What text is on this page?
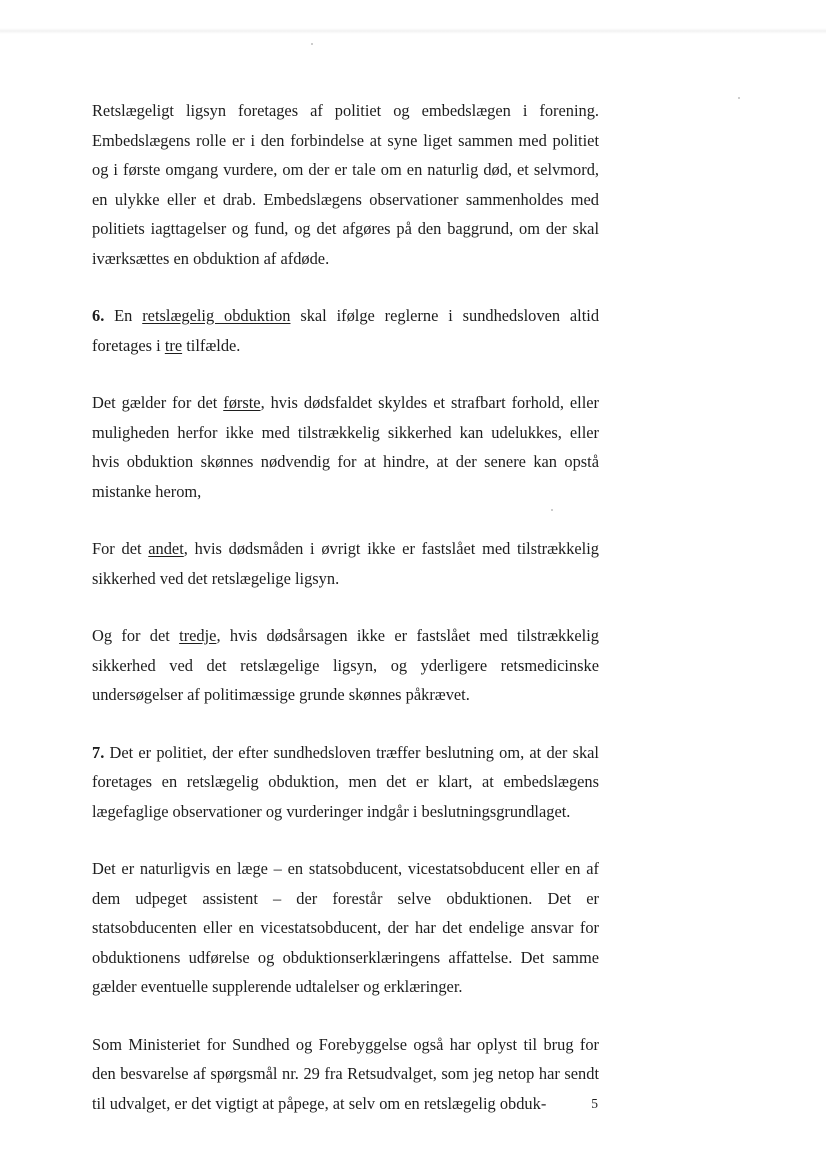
Retslægeligt ligsyn foretages af politiet og embedslægen i forening. Embedslægens rolle er i den forbindelse at syne liget sammen med politiet og i første omgang vurdere, om der er tale om en naturlig død, et selvmord, en ulykke eller et drab. Embedslægens observationer sammenholdes med politiets iagttagelser og fund, og det afgøres på den baggrund, om der skal iværksættes en obduktion af afdøde.

6. En retslægelig obduktion skal ifølge reglerne i sundhedsloven altid foretages i tre tilfælde.

Det gælder for det første, hvis dødsfaldet skyldes et strafbart forhold, eller muligheden herfor ikke med tilstrækkelig sikkerhed kan udelukkes, eller hvis obduktion skønnes nødvendig for at hindre, at der senere kan opstå mistanke herom,

For det andet, hvis dødsmåden i øvrigt ikke er fastslået med tilstrækkelig sikkerhed ved det retslægelige ligsyn.

Og for det tredje, hvis dødsårsagen ikke er fastslået med tilstrækkelig sikkerhed ved det retslægelige ligsyn, og yderligere retsmedicinske undersøgelser af politimæssige grunde skønnes påkrævet.

7. Det er politiet, der efter sundhedsloven træffer beslutning om, at der skal foretages en retslægelig obduktion, men det er klart, at embedslægens lægefaglige observationer og vurderinger indgår i beslutningsgrundlaget.

Det er naturligvis en læge – en statsobducent, vicestatsobducent eller en af dem udpeget assistent – der forestår selve obduktionen. Det er statsobducenten eller en vicestatsobducent, der har det endelige ansvar for obduktionens udførelse og obduktionserklæringens affattelse. Det samme gælder eventuelle supplerende udtalelser og erklæringer.

Som Ministeriet for Sundhed og Forebyggelse også har oplyst til brug for den besvarelse af spørgsmål nr. 29 fra Retsudvalget, som jeg netop har sendt til udvalget, er det vigtigt at påpege, at selv om en retslægelig obduk-	5
